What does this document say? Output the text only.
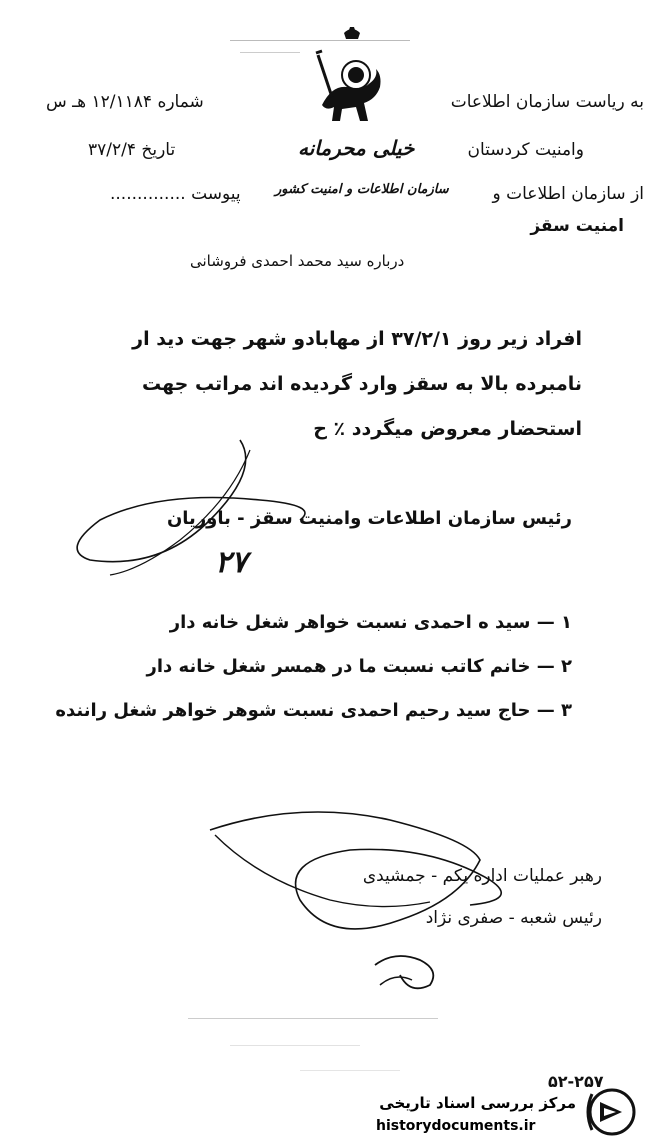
به ریاست سازمان اطلاعات
شماره ۱۲/۱۱۸۴ هـ س
وامنیت کردستان
خیلی محرمانه
تاریخ ۳۷/۲/۴
از سازمان اطلاعات و
سازمان اطلاعات و امنیت کشور
پیوست ..............
امنیت سقز
درباره سید محمد احمدی فروشانی
افراد زیر روز ۳۷/۲/۱ از مهابادو شهر جهت دید ار
نامبرده بالا به سقز وارد گردیده اند مراتب جهت
استحضار معروض میگردد ٪ ح
رئیس سازمان اطلاعات وامنیت سقز - باوریان
۲۷
۱ — سید ه احمدی نسبت خواهر شغل خانه دار
۲ — خانم کاتب نسبت ما در همسر شغل خانه دار
۳ — حاج سید رحیم احمدی نسبت شوهر خواهر شغل راننده
رهبر عملیات اداره یکم - جمشیدی
رئیس شعبه - صفری نژاد
۵۲-۲۵۷
مرکز بررسی اسناد تاریخی
historydocuments.ir
